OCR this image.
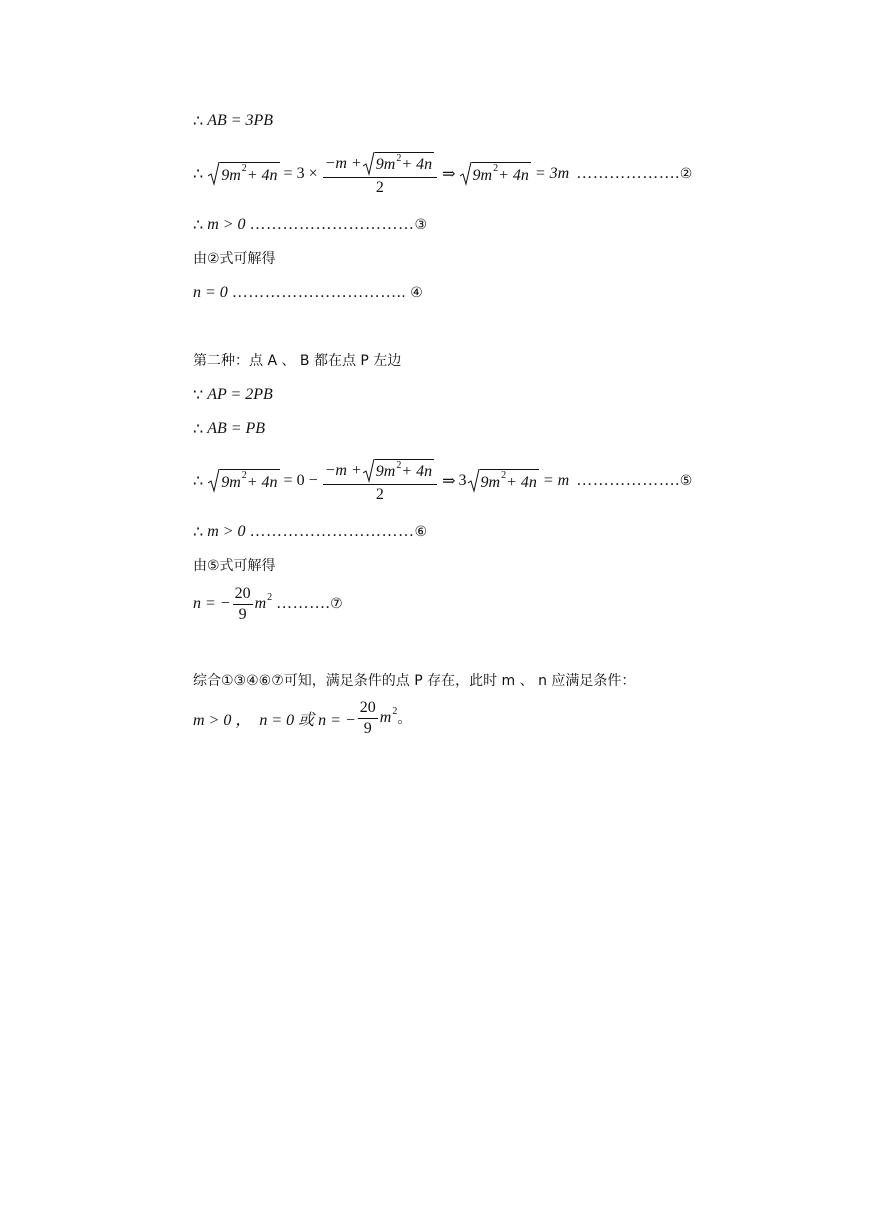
∴ AB = 3PB
∴ 9m $2 + 4n = 3 \times \frac{-m + 9m 2 + 4n}{2}$ ⇒ 9m 2 + 4n = 3m ………………. ②
∴ m > 0 ………………………… ③
由②式可解得
n = 0 …………………………. . ④
第二种：点 A 、 B 都在点 P 左边
∵ AP = 2PB
∴ AB = PB
∴ 9m $2 + 4n = 0 - \frac{-m + 9m 2 + 4n}{2}$ ⇒ 3 9m 2 + 4n = m ………………. ⑤
∴ m > 0 ………………………… ⑥
由⑤式可解得
n = − $\frac{20}{9}$ m 2 ………. ⑦
综合①③④⑥⑦可知，满足条件的点 P 存在，此时 m 、 n 应满足条件：
m > 0 ， n = 0 或 n = − $\frac{20}{9}$ m 2 。
